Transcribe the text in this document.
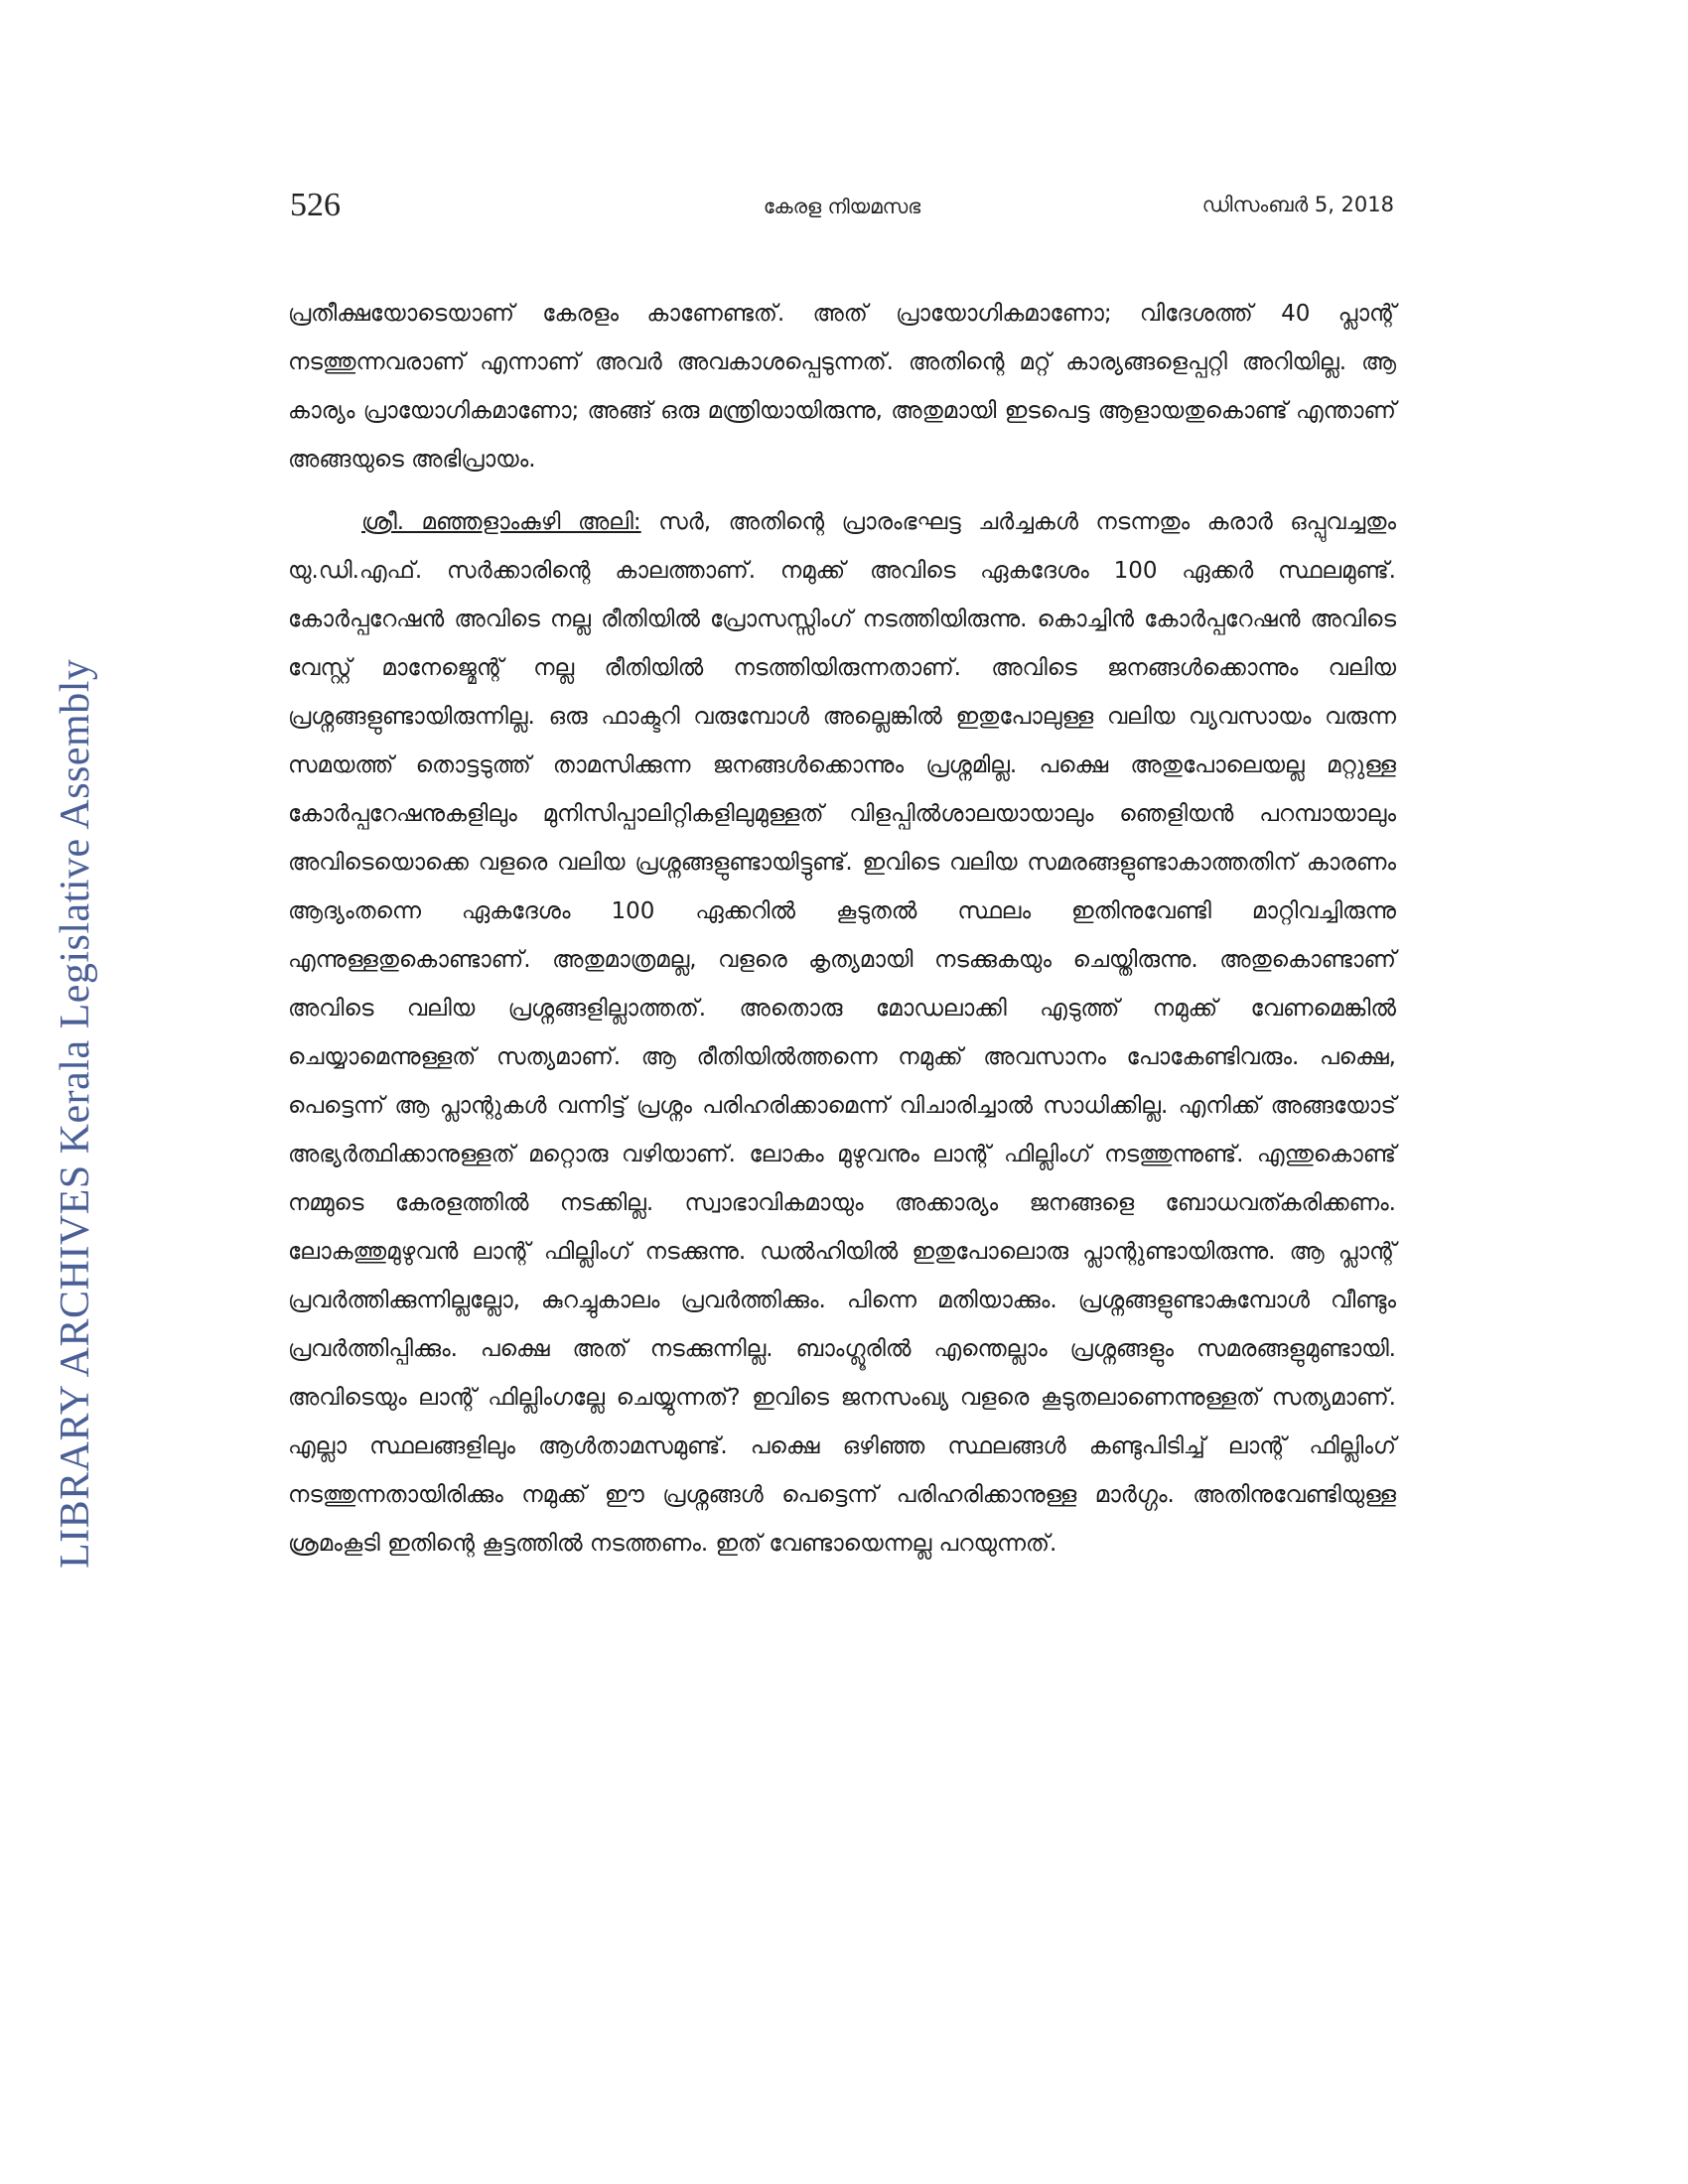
LIBRARY ARCHIVES Kerala Legislative Assembly
526	കേരള നിയമസഭ	ഡിസംബർ 5, 2018

പ്രതീക്ഷയോടെയാണ് കേരളം കാണേണ്ടത്. അത് പ്രായോഗികമാണോ; വിദേശത്ത് 40 പ്ലാന്റ് നടത്തുന്നവരാണ് എന്നാണ് അവർ അവകാശപ്പെടുന്നത്. അതിന്റെ മറ്റ് കാര്യങ്ങളെപ്പറ്റി അറിയില്ല. ആ കാര്യം പ്രായോഗികമാണോ; അങ്ങ് ഒരു മന്ത്രിയായിരുന്നു, അതുമായി ഇടപെട്ട ആളായതുകൊണ്ട് എന്താണ് അങ്ങയുടെ അഭിപ്രായം.

ശ്രീ. മഞ്ഞളാംകുഴി അലി: സർ, അതിന്റെ പ്രാരംഭഘട്ട ചർച്ചകൾ നടന്നതും കരാർ ഒപ്പുവച്ചതും യു.ഡി.എഫ്. സർക്കാരിന്റെ കാലത്താണ്. നമുക്ക് അവിടെ ഏകദേശം 100 ഏക്കർ സ്ഥലമുണ്ട്. കോർപ്പറേഷൻ അവിടെ നല്ല രീതിയിൽ പ്രോസസ്സിംഗ് നടത്തിയിരുന്നു. കൊച്ചിൻ കോർപ്പറേഷൻ അവിടെ വേസ്റ്റ് മാനേജ്മെന്റ് നല്ല രീതിയിൽ നടത്തിയിരുന്നതാണ്. അവിടെ ജനങ്ങൾക്കൊന്നും വലിയ പ്രശ്നങ്ങളുണ്ടായിരുന്നില്ല. ഒരു ഫാക്ടറി വരുമ്പോൾ അല്ലെങ്കിൽ ഇതുപോലുള്ള വലിയ വ്യവസായം വരുന്ന സമയത്ത് തൊട്ടടുത്ത് താമസിക്കുന്ന ജനങ്ങൾക്കൊന്നും പ്രശ്നമില്ല. പക്ഷെ അതുപോലെയല്ല മറ്റുള്ള കോർപ്പറേഷനുകളിലും മുനിസിപ്പാലിറ്റികളിലുമുള്ളത് വിളപ്പിൽശാലയായാലും ഞെളിയൻ പറമ്പായാലും അവിടെയൊക്കെ വളരെ വലിയ പ്രശ്നങ്ങളുണ്ടായിട്ടുണ്ട്. ഇവിടെ വലിയ സമരങ്ങളുണ്ടാകാത്തതിന് കാരണം ആദ്യംതന്നെ ഏകദേശം 100 ഏക്കറിൽ കൂടുതൽ സ്ഥലം ഇതിനുവേണ്ടി മാറ്റിവച്ചിരുന്നു എന്നുള്ളതുകൊണ്ടാണ്. അതുമാത്രമല്ല, വളരെ കൃത്യമായി നടക്കുകയും ചെയ്തിരുന്നു. അതുകൊണ്ടാണ് അവിടെ വലിയ പ്രശ്നങ്ങളില്ലാത്തത്. അതൊരു മോഡലാക്കി എടുത്ത് നമുക്ക് വേണമെങ്കിൽ ചെയ്യാമെന്നുള്ളത് സത്യമാണ്. ആ രീതിയിൽത്തന്നെ നമുക്ക് അവസാനം പോകേണ്ടിവരും. പക്ഷെ, പെട്ടെന്ന് ആ പ്ലാന്റുകൾ വന്നിട്ട് പ്രശ്നം പരിഹരിക്കാമെന്ന് വിചാരിച്ചാൽ സാധിക്കില്ല. എനിക്ക് അങ്ങയോട് അഭ്യർത്ഥിക്കാനുള്ളത് മറ്റൊരു വഴിയാണ്. ലോകം മുഴുവനും ലാന്റ് ഫില്ലിംഗ് നടത്തുന്നുണ്ട്. എന്തുകൊണ്ട് നമ്മുടെ കേരളത്തിൽ നടക്കില്ല. സ്വാഭാവികമായും അക്കാര്യം ജനങ്ങളെ ബോധവത്കരിക്കണം. ലോകത്തുമുഴുവൻ ലാന്റ് ഫില്ലിംഗ് നടക്കുന്നു. ഡൽഹിയിൽ ഇതുപോലൊരു പ്ലാന്റുണ്ടായിരുന്നു. ആ പ്ലാന്റ് പ്രവർത്തിക്കുന്നില്ലല്ലോ, കുറച്ചുകാലം പ്രവർത്തിക്കും. പിന്നെ മതിയാക്കും. പ്രശ്നങ്ങളുണ്ടാകുമ്പോൾ വീണ്ടും പ്രവർത്തിപ്പിക്കും. പക്ഷെ അത് നടക്കുന്നില്ല. ബാംഗ്ലൂരിൽ എന്തെല്ലാം പ്രശ്നങ്ങളും സമരങ്ങളുമുണ്ടായി. അവിടെയും ലാന്റ് ഫില്ലിംഗല്ലേ ചെയ്യുന്നത്? ഇവിടെ ജനസംഖ്യ വളരെ കൂടുതലാണെന്നുള്ളത് സത്യമാണ്. എല്ലാ സ്ഥലങ്ങളിലും ആൾതാമസമുണ്ട്. പക്ഷെ ഒഴിഞ്ഞ സ്ഥലങ്ങൾ കണ്ടുപിടിച്ച് ലാന്റ് ഫില്ലിംഗ് നടത്തുന്നതായിരിക്കും നമുക്ക് ഈ പ്രശ്നങ്ങൾ പെട്ടെന്ന് പരിഹരിക്കാനുള്ള മാർഗ്ഗം. അതിനുവേണ്ടിയുള്ള ശ്രമംകൂടി ഇതിന്റെ കൂട്ടത്തിൽ നടത്തണം. ഇത് വേണ്ടായെന്നല്ല പറയുന്നത്.
